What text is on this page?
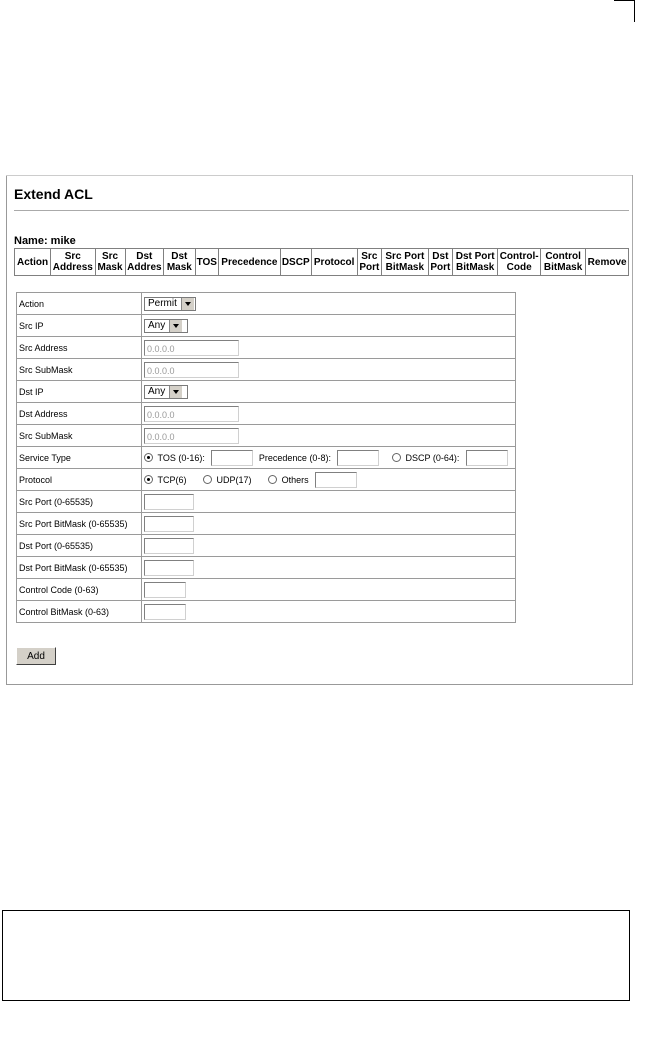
Extend ACL
Name: mike
Action	Src Address	Src Mask	Dst Addres	Dst Mask	TOS	Precedence	DSCP	Protocol	Src Port	Src Port BitMask	Dst Port	Dst Port BitMask	Control-Code	Control BitMask	Remove
Action	Permit

Src IP	Any

Src Address	0.0.0.0
Src SubMask	0.0.0.0
Dst IP	Any

Dst Address	0.0.0.0
Src SubMask	0.0.0.0
Service Type	TOS (0-16): Precedence (0-8): DSCP (0-64):
Protocol	TCP(6) UDP(17) Others
Src Port (0-65535)	
Src Port BitMask (0-65535)	
Dst Port (0-65535)	
Dst Port BitMask (0-65535)	
Control Code (0-63)	
Control BitMask (0-63)	
Add
